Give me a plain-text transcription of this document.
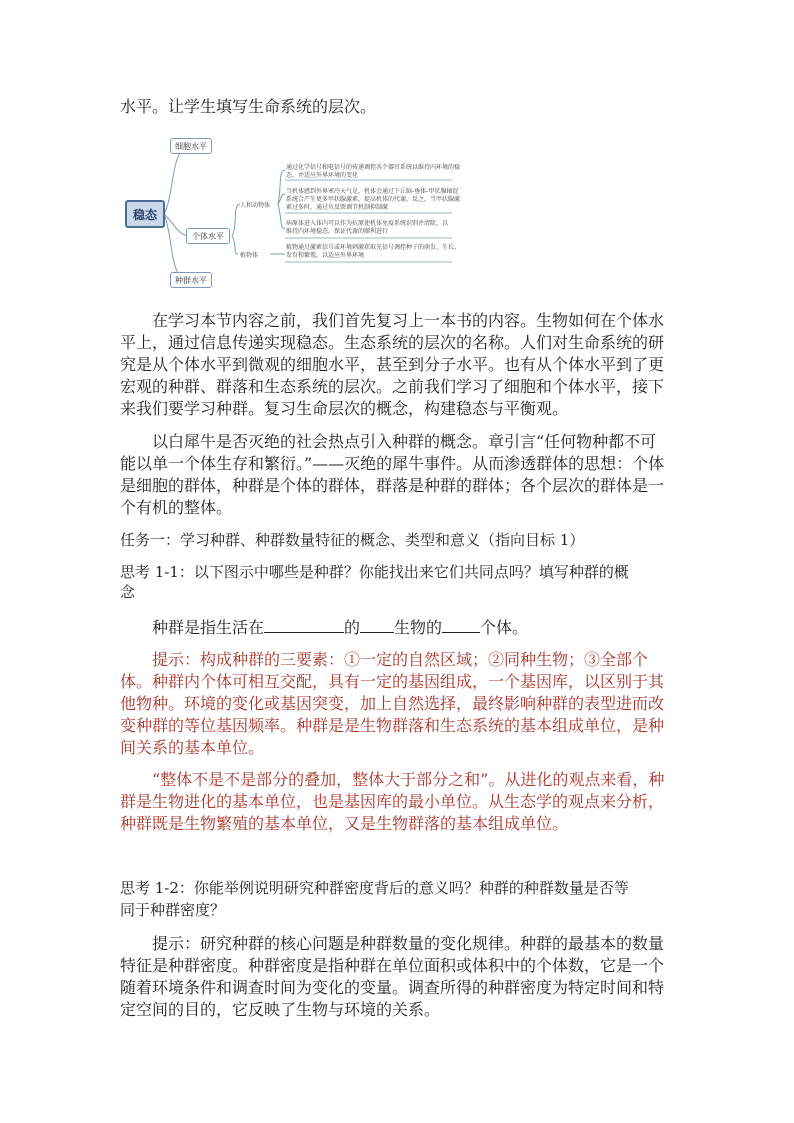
水平。让学生填写生命系统的层次。
稳态
细胞水平
个体水平
种群水平
人和动物体
植物体
通过化学信号和电信号的传递调控各个器官系统以维持内环境的稳
态，并适应外界环境的变化
当机体感到外界寒冷天气是，机体会通过下丘脑-垂体-甲状腺轴促
系统合产生更多甲状腺激素，提高机体的代谢。反之，当甲状腺激
素过多时，通过负反馈调节机制抑制激
病原体进入体内可以作为抗原使机体免疫系统识别并清除，以
维持内环境稳态，保证代谢的顺利进行
植物通过激素信号或环境刺激获取光信号调控种子的萌发、生长、
发育和繁殖，以适应外界环境
在学习本节内容之前，我们首先复习上一本书的内容。生物如何在个体水
平上，通过信息传递实现稳态。生态系统的层次的名称。人们对生命系统的研
究是从个体水平到微观的细胞水平，甚至到分子水平。也有从个体水平到了更
宏观的种群、群落和生态系统的层次。之前我们学习了细胞和个体水平，接下
来我们要学习种群。复习生命层次的概念，构建稳态与平衡观。
以白犀牛是否灭绝的社会热点引入种群的概念。章引言“任何物种都不可
能以单一个体生存和繁衍。”——灭绝的犀牛事件。从而渗透群体的思想：个体
是细胞的群体，种群是个体的群体，群落是种群的群体；各个层次的群体是一
个有机的整体。
任务一：学习种群、种群数量特征的概念、类型和意义（指向目标 1）
思考 1-1：以下图示中哪些是种群？你能找出来它们共同点吗？填写种群的概
念
种群是指生活在	的 生物的 个体。
提示：构成种群的三要素：①一定的自然区域；②同种生物；③全部个
体。种群内个体可相互交配，具有一定的基因组成，一个基因库，以区别于其
他物种。环境的变化或基因突变，加上自然选择，最终影响种群的表型进而改
变种群的等位基因频率。种群是是生物群落和生态系统的基本组成单位，是种
间关系的基本单位。
“整体不是不是部分的叠加，整体大于部分之和”。从进化的观点来看，种
群是生物进化的基本单位，也是基因库的最小单位。从生态学的观点来分析，
种群既是生物繁殖的基本单位，又是生物群落的基本组成单位。
思考 1-2：你能举例说明研究种群密度背后的意义吗？种群的种群数量是否等
同于种群密度？
提示：研究种群的核心问题是种群数量的变化规律。种群的最基本的数量
特征是种群密度。种群密度是指种群在单位面积或体积中的个体数，它是一个
随着环境条件和调查时间为变化的变量。调查所得的种群密度为特定时间和特
定空间的目的，它反映了生物与环境的关系。
